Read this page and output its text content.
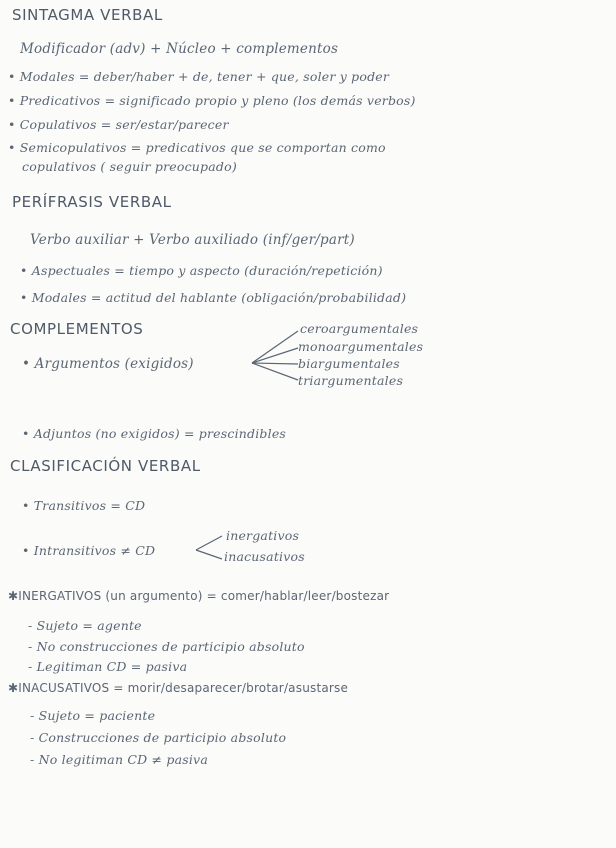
SINTAGMA VERBAL
Modificador (adv) + Núcleo + complementos
• Modales = deber/haber + de, tener + que, soler y poder
• Predicativos = significado propio y pleno (los demás verbos)
• Copulativos = ser/estar/parecer
• Semicopulativos = predicativos que se comportan como
copulativos ( seguir preocupado)
PERÍFRASIS VERBAL
Verbo auxiliar + Verbo auxiliado (inf/ger/part)
• Aspectuales = tiempo y aspecto (duración/repetición)
• Modales = actitud del hablante (obligación/probabilidad)
COMPLEMENTOS
• Argumentos (exigidos)
ceroargumentales
monoargumentales
biargumentales
triargumentales
• Adjuntos (no exigidos) = prescindibles
CLASIFICACIÓN VERBAL
• Transitivos = CD
• Intransitivos ≠ CD
inergativos
inacusativos
✱INERGATIVOS (un argumento) = comer/hablar/leer/bostezar
- Sujeto = agente
- No construcciones de participio absoluto
- Legitiman CD = pasiva
✱INACUSATIVOS = morir/desaparecer/brotar/asustarse
- Sujeto = paciente
- Construcciones de participio absoluto
- No legitiman CD ≠ pasiva
